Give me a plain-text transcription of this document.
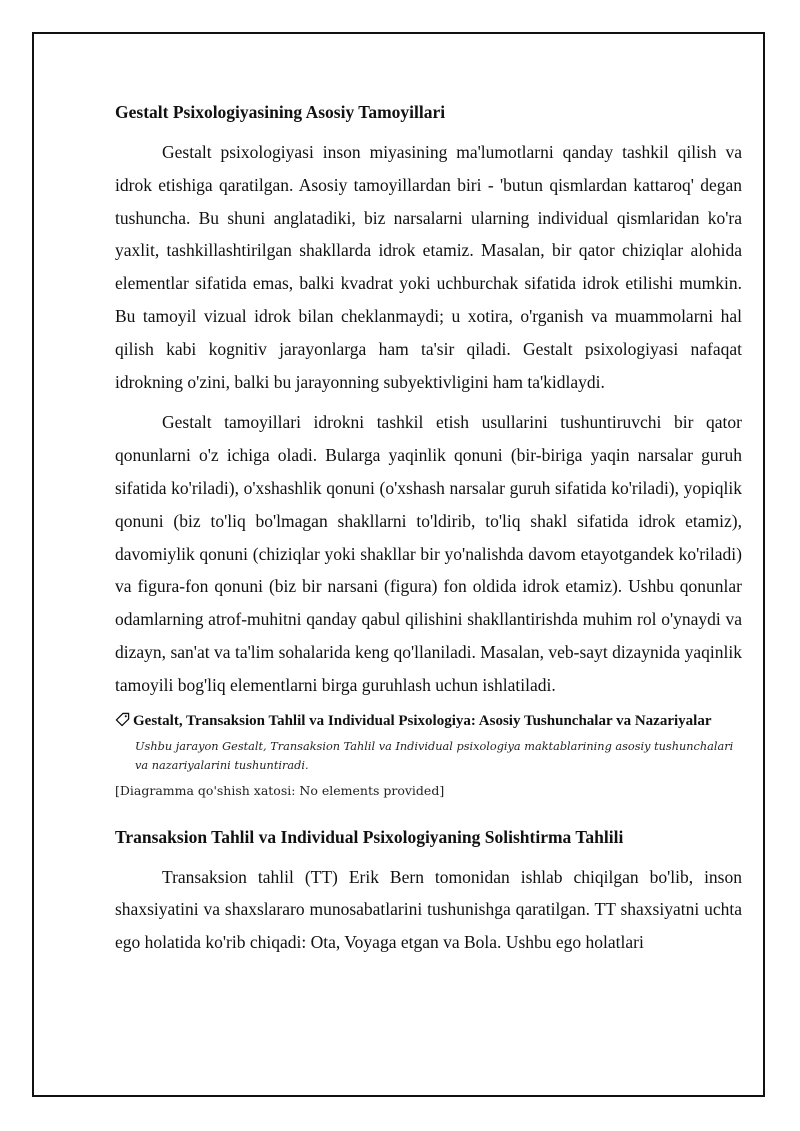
Gestalt Psixologiyasining Asosiy Tamoyillari

Gestalt psixologiyasi inson miyasining ma'lumotlarni qanday tashkil qilish va idrok etishiga qaratilgan. Asosiy tamoyillardan biri - 'butun qismlardan kattaroq' degan tushuncha. Bu shuni anglatadiki, biz narsalarni ularning individual qismlaridan ko'ra yaxlit, tashkillashtirilgan shakllarda idrok etamiz. Masalan, bir qator chiziqlar alohida elementlar sifatida emas, balki kvadrat yoki uchburchak sifatida idrok etilishi mumkin. Bu tamoyil vizual idrok bilan cheklanmaydi; u xotira, o'rganish va muammolarni hal qilish kabi kognitiv jarayonlarga ham ta'sir qiladi. Gestalt psixologiyasi nafaqat idrokning o'zini, balki bu jarayonning subyektivligini ham ta'kidlaydi.

Gestalt tamoyillari idrokni tashkil etish usullarini tushuntiruvchi bir qator qonunlarni o'z ichiga oladi. Bularga yaqinlik qonuni (bir-biriga yaqin narsalar guruh sifatida ko'riladi), o'xshashlik qonuni (o'xshash narsalar guruh sifatida ko'riladi), yopiqlik qonuni (biz to'liq bo'lmagan shakllarni to'ldirib, to'liq shakl sifatida idrok etamiz), davomiylik qonuni (chiziqlar yoki shakllar bir yo'nalishda davom etayotgandek ko'riladi) va figura-fon qonuni (biz bir narsani (figura) fon oldida idrok etamiz). Ushbu qonunlar odamlarning atrof-muhitni qanday qabul qilishini shakllantirishda muhim rol o'ynaydi va dizayn, san'at va ta'lim sohalarida keng qo'llaniladi. Masalan, veb-sayt dizaynida yaqinlik tamoyili bog'liq elementlarni birga guruhlash uchun ishlatiladi.

Gestalt, Transaksion Tahlil va Individual Psixologiya: Asosiy Tushunchalar va Nazariyalar
Ushbu jarayon Gestalt, Transaksion Tahlil va Individual psixologiya maktablarining asosiy tushunchalari va nazariyalarini tushuntiradi.
[Diagramma qo'shish xatosi: No elements provided]
Transaksion Tahlil va Individual Psixologiyaning Solishtirma Tahlili

Transaksion tahlil (TT) Erik Bern tomonidan ishlab chiqilgan bo'lib, inson shaxsiyatini va shaxslararo munosabatlarini tushunishga qaratilgan. TT shaxsiyatni uchta ego holatida ko'rib chiqadi: Ota, Voyaga etgan va Bola. Ushbu ego holatlari
